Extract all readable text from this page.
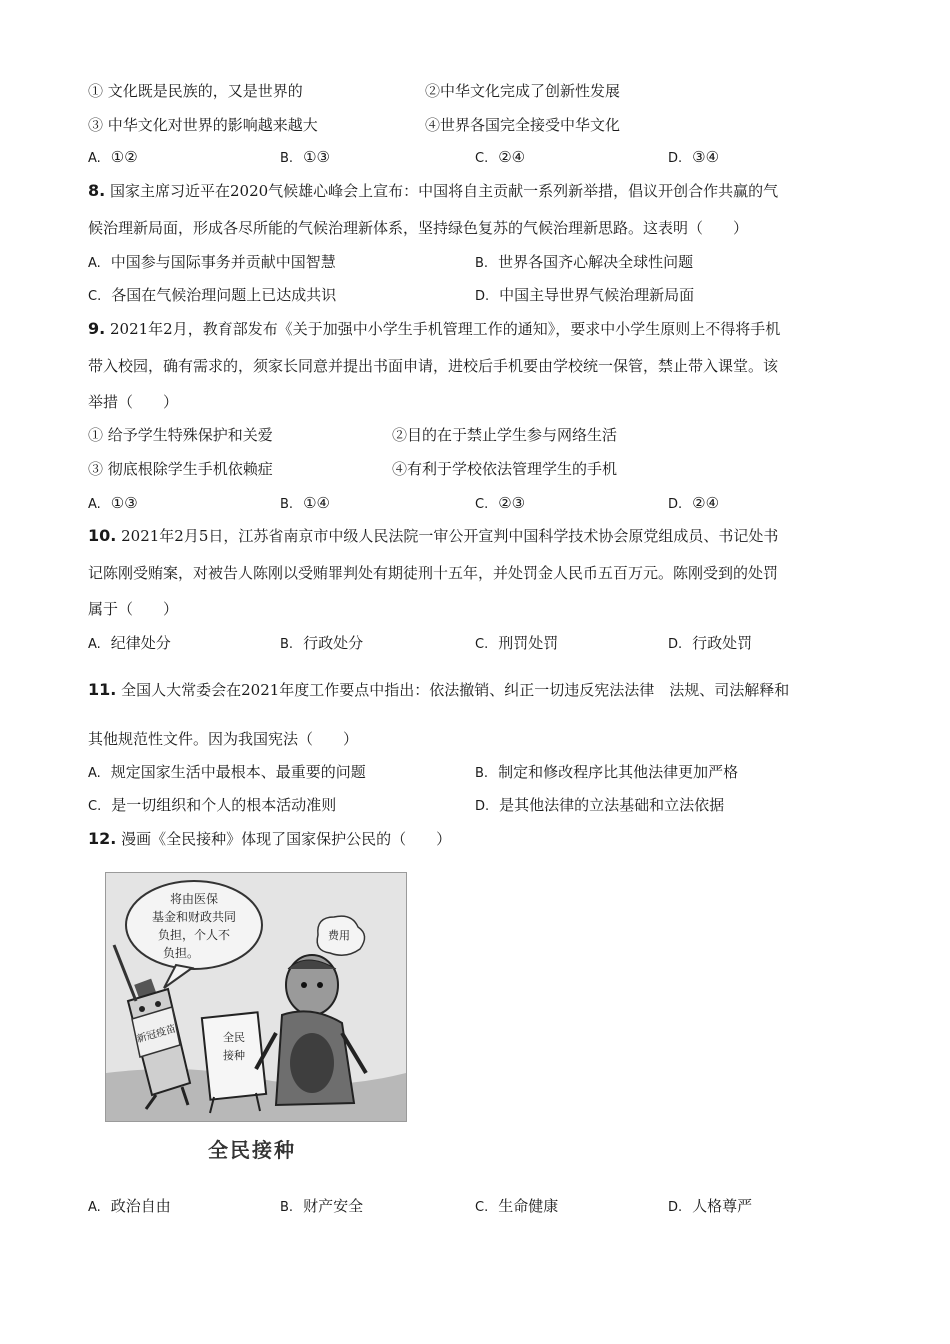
① 文化既是民族的，又是世界的	②中华文化完成了创新性发展
③ 中华文化对世界的影响越来越大	④世界各国完全接受中华文化
A. ①②	B. ①③	C. ②④	D. ③④
8. 国家主席习近平在2020气候雄心峰会上宣布：中国将自主贡献一系列新举措，倡议开创合作共赢的气
候治理新局面，形成各尽所能的气候治理新体系，坚持绿色复苏的气候治理新思路。这表明（　　）
A. 中国参与国际事务并贡献中国智慧	B. 世界各国齐心解决全球性问题
C. 各国在气候治理问题上已达成共识	D. 中国主导世界气候治理新局面
9. 2021年2月，教育部发布《关于加强中小学生手机管理工作的通知》，要求中小学生原则上不得将手机
带入校园，确有需求的，须家长同意并提出书面申请，进校后手机要由学校统一保管，禁止带入课堂。该
举措（　　）
① 给予学生特殊保护和关爱	②目的在于禁止学生参与网络生活
③ 彻底根除学生手机依赖症	④有利于学校依法管理学生的手机
A. ①③	B. ①④	C. ②③	D. ②④
10. 2021年2月5日，江苏省南京市中级人民法院一审公开宣判中国科学技术协会原党组成员、书记处书
记陈刚受贿案，对被告人陈刚以受贿罪判处有期徒刑十五年，并处罚金人民币五百万元。陈刚受到的处罚
属于（　　）
A. 纪律处分	B. 行政处分	C. 刑罚处罚	D. 行政处罚
11. 全国人大常委会在2021年度工作要点中指出：依法撤销、纠正一切违反宪法法律　法规、司法解释和
其他规范性文件。因为我国宪法（　　）
A. 规定国家生活中最根本、最重要的问题	B. 制定和修改程序比其他法律更加严格
C. 是一切组织和个人的根本活动准则	D. 是其他法律的立法基础和立法依据
12. 漫画《全民接种》体现了国家保护公民的（　　）
将由医保
基金和财政共同
负担，个人不
负担。
费用
新冠疫苗	全民
接种
全民接种
A. 政治自由	B. 财产安全	C. 生命健康	D. 人格尊严
